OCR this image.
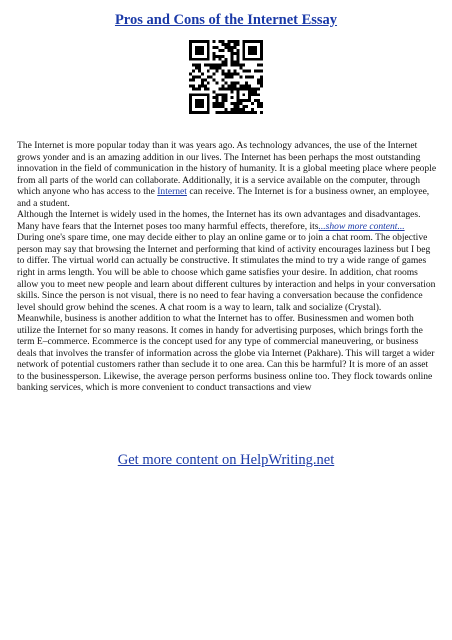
Pros and Cons of the Internet Essay

The Internet is more popular today than it was years ago. As technology advances, the use of the Internet grows yonder and is an amazing addition in our lives. The Internet has been perhaps the most outstanding innovation in the field of communication in the history of humanity. It is a global meeting place where people from all parts of the world can collaborate. Additionally, it is a service available on the computer, through which anyone who has access to the Internet can receive. The Internet is for a business owner, an employee, and a student.

Although the Internet is widely used in the homes, the Internet has its own advantages and disadvantages. Many have fears that the Internet poses too many harmful effects, therefore, its...show more content...

During one's spare time, one may decide either to play an online game or to join a chat room. The objective person may say that browsing the Internet and performing that kind of activity encourages laziness but I beg to differ. The virtual world can actually be constructive. It stimulates the mind to try a wide range of games right in arms length. You will be able to choose which game satisfies your desire. In addition, chat rooms allow you to meet new people and learn about different cultures by interaction and helps in your conversation skills. Since the person is not visual, there is no need to fear having a conversation because the confidence level should grow behind the scenes. A chat room is a way to learn, talk and socialize (Crystal).

Meanwhile, business is another addition to what the Internet has to offer. Businessmen and women both utilize the Internet for so many reasons. It comes in handy for advertising purposes, which brings forth the term E–commerce. Ecommerce is the concept used for any type of commercial maneuvering, or business deals that involves the transfer of information across the globe via Internet (Pakhare). This will target a wider network of potential customers rather than seclude it to one area. Can this be harmful? It is more of an asset to the businessperson. Likewise, the average person performs business online too. They flock towards online banking services, which is more convenient to conduct transactions and view

Get more content on HelpWriting.net
